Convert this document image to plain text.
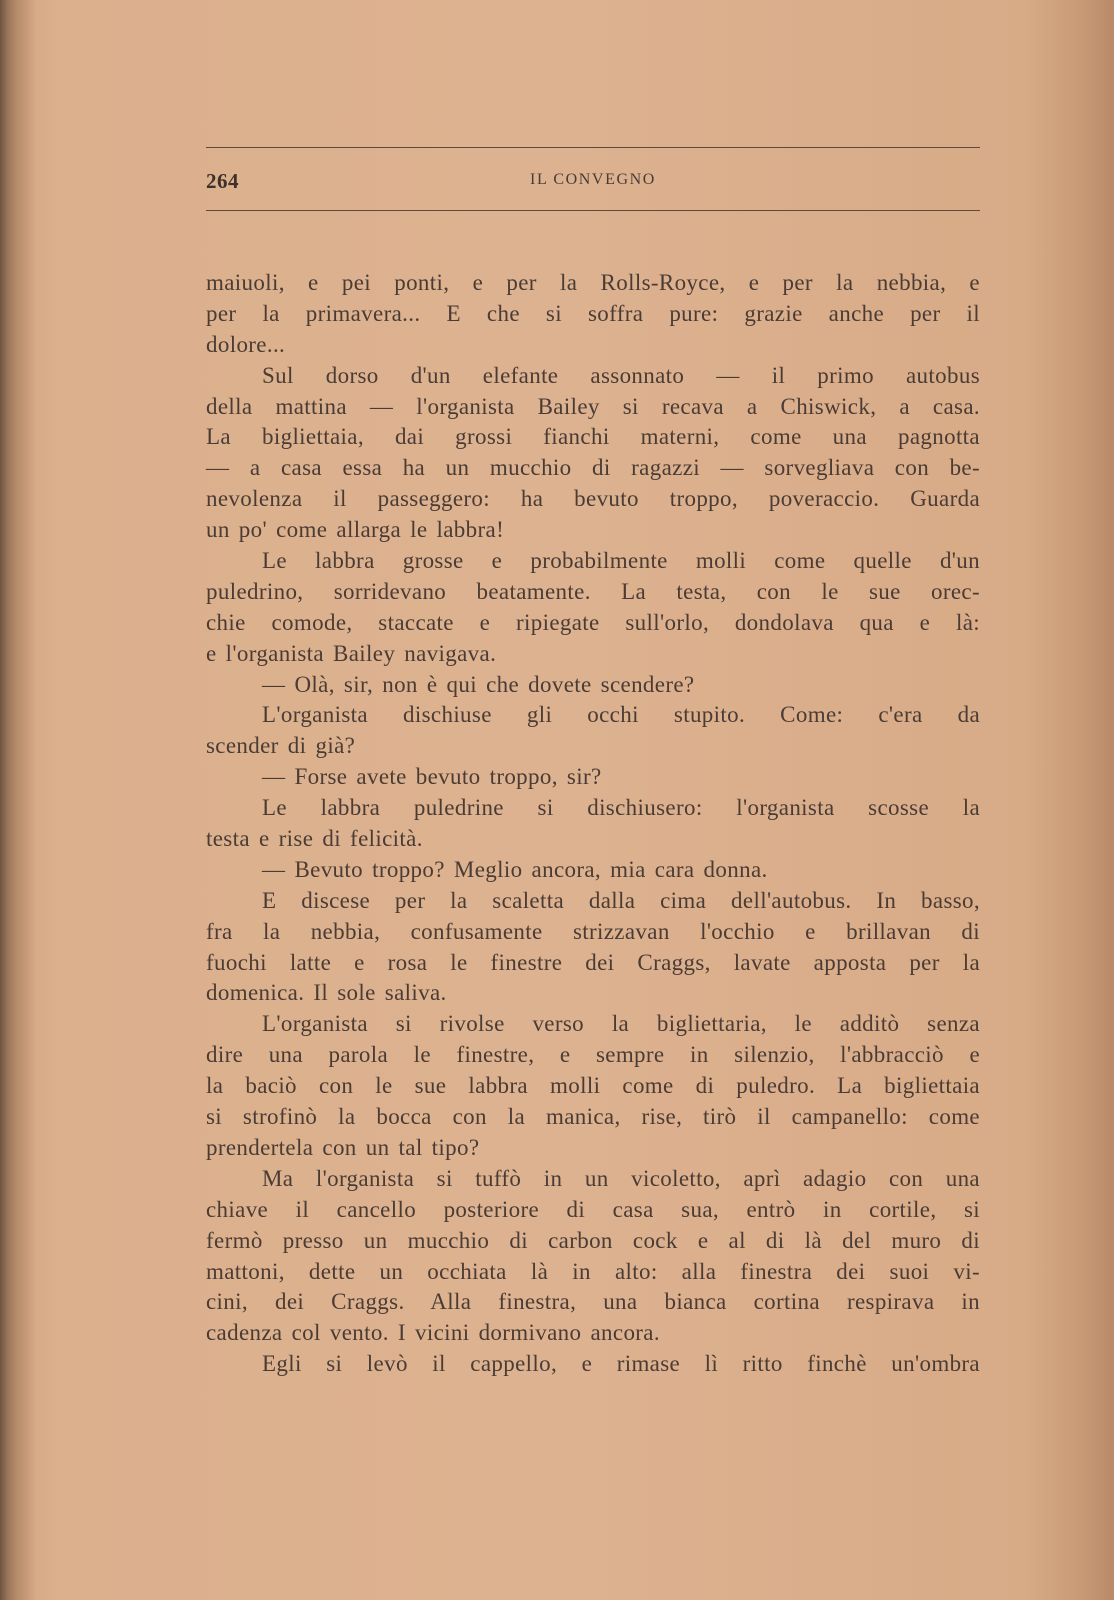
264	IL CONVEGNO
maiuoli, e pei ponti, e per la Rolls-Royce, e per la nebbia, e
per la primavera... E che si soffra pure: grazie anche per il
dolore...
Sul dorso d'un elefante assonnato — il primo autobus
della mattina — l'organista Bailey si recava a Chiswick, a casa.
La bigliettaia, dai grossi fianchi materni, come una pagnotta
— a casa essa ha un mucchio di ragazzi — sorvegliava con be-
nevolenza il passeggero: ha bevuto troppo, poveraccio. Guarda
un po' come allarga le labbra!
Le labbra grosse e probabilmente molli come quelle d'un
puledrino, sorridevano beatamente. La testa, con le sue orec-
chie comode, staccate e ripiegate sull'orlo, dondolava qua e là:
e l'organista Bailey navigava.
— Olà, sir, non è qui che dovete scendere?
L'organista dischiuse gli occhi stupito. Come: c'era da
scender di già?
— Forse avete bevuto troppo, sir?
Le labbra puledrine si dischiusero: l'organista scosse la
testa e rise di felicità.
— Bevuto troppo? Meglio ancora, mia cara donna.
E discese per la scaletta dalla cima dell'autobus. In basso,
fra la nebbia, confusamente strizzavan l'occhio e brillavan di
fuochi latte e rosa le finestre dei Craggs, lavate apposta per la
domenica. Il sole saliva.
L'organista si rivolse verso la bigliettaria, le additò senza
dire una parola le finestre, e sempre in silenzio, l'abbracciò e
la baciò con le sue labbra molli come di puledro. La bigliettaia
si strofinò la bocca con la manica, rise, tirò il campanello: come
prendertela con un tal tipo?
Ma l'organista si tuffò in un vicoletto, aprì adagio con una
chiave il cancello posteriore di casa sua, entrò in cortile, si
fermò presso un mucchio di carbon cock e al di là del muro di
mattoni, dette un occhiata là in alto: alla finestra dei suoi vi-
cini, dei Craggs. Alla finestra, una bianca cortina respirava in
cadenza col vento. I vicini dormivano ancora.
Egli si levò il cappello, e rimase lì ritto finchè un'ombra
